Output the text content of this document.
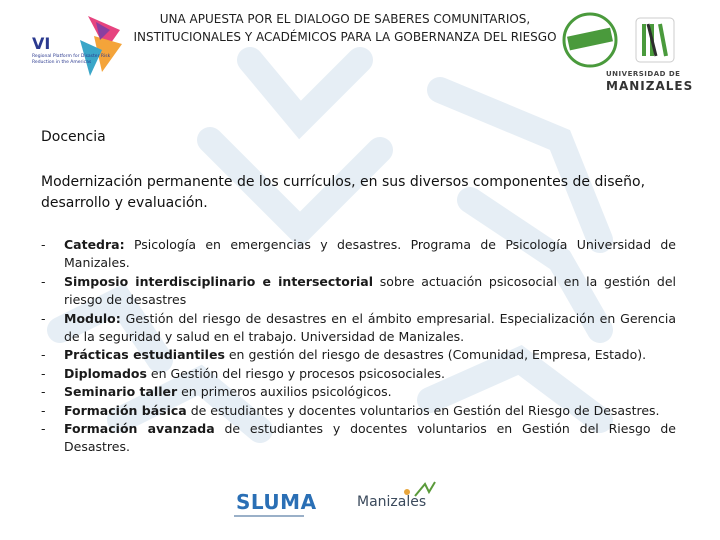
UNA APUESTA POR EL DIALOGO DE SABERES COMUNITARIOS,
INSTITUCIONALES Y ACADÉMICOS PARA LA GOBERNANZA DEL RIESGO
VI
Regional Platform for Disaster Risk Reduction in the Americas
UNIVERSIDAD DE
MANIZALES
Docencia
Modernización permanente de los currículos, en sus diversos componentes de diseño, desarrollo y evaluación.
- Catedra: Psicología en emergencias y desastres. Programa de Psicología Universidad de Manizales.
- Simposio interdisciplinario e intersectorial sobre actuación psicosocial en la gestión del riesgo de desastres
- Modulo: Gestión del riesgo de desastres en el ámbito empresarial. Especialización en Gerencia de la seguridad y salud en el trabajo. Universidad de Manizales.
- Prácticas estudiantiles en gestión del riesgo de desastres (Comunidad, Empresa, Estado).
- Diplomados en Gestión del riesgo y procesos psicosociales.
- Seminario taller en primeros auxilios psicológicos.
- Formación básica de estudiantes y docentes voluntarios en Gestión del Riesgo de Desastres.
- Formación avanzada de estudiantes y docentes voluntarios en Gestión del Riesgo de Desastres.
SLUMA	Manizales
